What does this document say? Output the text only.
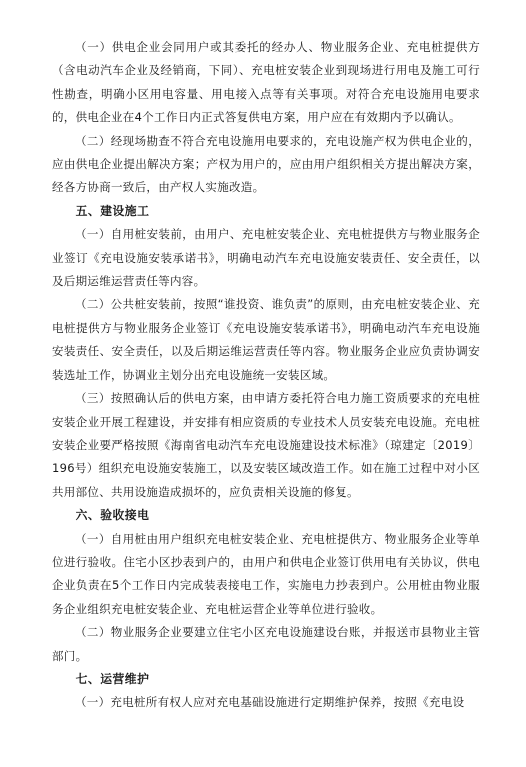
（一）供电企业会同用户或其委托的经办人、物业服务企业、充电桩提供方（含电动汽车企业及经销商，下同）、充电桩安装企业到现场进行用电及施工可行性勘查，明确小区用电容量、用电接入点等有关事项。对符合充电设施用电要求的，供电企业在4个工作日内正式答复供电方案，用户应在有效期内予以确认。

（二）经现场勘查不符合充电设施用电要求的，充电设施产权为供电企业的，应由供电企业提出解决方案；产权为用户的，应由用户组织相关方提出解决方案，经各方协商一致后，由产权人实施改造。

五、建设施工

（一）自用桩安装前，由用户、充电桩安装企业、充电桩提供方与物业服务企业签订《充电设施安装承诺书》，明确电动汽车充电设施安装责任、安全责任，以及后期运维运营责任等内容。

（二）公共桩安装前，按照“谁投资、谁负责”的原则，由充电桩安装企业、充电桩提供方与物业服务企业签订《充电设施安装承诺书》，明确电动汽车充电设施安装责任、安全责任，以及后期运维运营责任等内容。物业服务企业应负责协调安装选址工作，协调业主划分出充电设施统一安装区域。

（三）按照确认后的供电方案，由申请方委托符合电力施工资质要求的充电桩安装企业开展工程建设，并安排有相应资质的专业技术人员安装充电设施。充电桩安装企业要严格按照《海南省电动汽车充电设施建设技术标准》（琼建定〔2019〕196号）组织充电设施安装施工，以及安装区域改造工作。如在施工过程中对小区共用部位、共用设施造成损坏的，应负责相关设施的修复。

六、验收接电

（一）自用桩由用户组织充电桩安装企业、充电桩提供方、物业服务企业等单位进行验收。住宅小区抄表到户的，由用户和供电企业签订供用电有关协议，供电企业负责在5个工作日内完成装表接电工作，实施电力抄表到户。公用桩由物业服务企业组织充电桩安装企业、充电桩运营企业等单位进行验收。

（二）物业服务企业要建立住宅小区充电设施建设台账，并报送市县物业主管部门。

七、运营维护

（一）充电桩所有权人应对充电基础设施进行定期维护保养，按照《充电设
